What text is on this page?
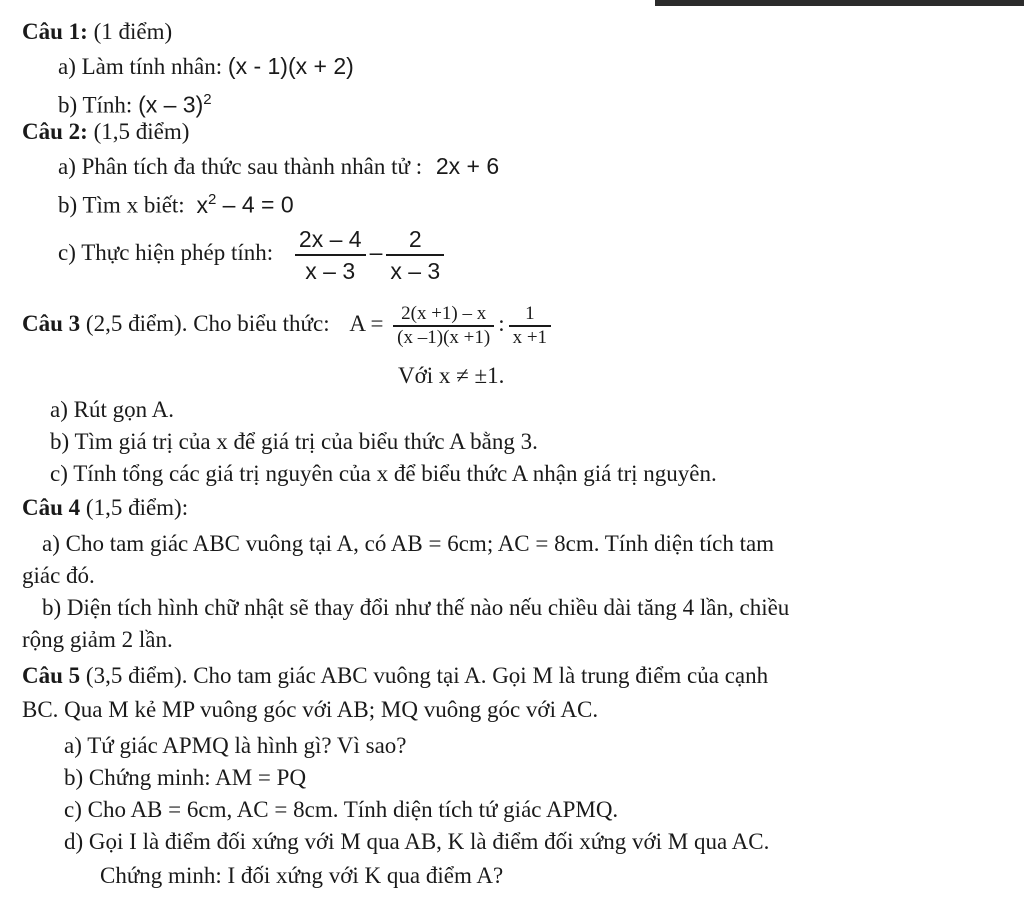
Câu 1: (1 điểm)
a) Làm tính nhân: (x - 1)(x + 2)
b) Tính: (x – 3)$^2$
Câu 2: (1,5 điểm)
a) Phân tích đa thức sau thành nhân tử : 2x + 6
b) Tìm x biết: $x^2 - 4 = 0$
c) Thực hiện phép tính: $\frac{2x - 4}{x - 3} - \frac{2}{x - 3}$
Câu 3 (2,5 điểm). Cho biểu thức: $A = \frac{2(x +1) - x}{(x -1)(x +1)}$ : $\frac{1}{x +1}$
Với x ≠ ±1.
a) Rút gọn A.
b) Tìm giá trị của x để giá trị của biểu thức A bằng 3.
c) Tính tổng các giá trị nguyên của x để biểu thức A nhận giá trị nguyên.
Câu 4 (1,5 điểm):
a) Cho tam giác ABC vuông tại A, có AB = 6cm; AC = 8cm. Tính diện tích tam
giác đó.
b) Diện tích hình chữ nhật sẽ thay đổi như thế nào nếu chiều dài tăng 4 lần, chiều
rộng giảm 2 lần.
Câu 5 (3,5 điểm). Cho tam giác ABC vuông tại A. Gọi M là trung điểm của cạnh
BC. Qua M kẻ MP vuông góc với AB; MQ vuông góc với AC.
a) Tứ giác APMQ là hình gì? Vì sao?
b) Chứng minh: AM = PQ
c) Cho AB = 6cm, AC = 8cm. Tính diện tích tứ giác APMQ.
d) Gọi I là điểm đối xứng với M qua AB, K là điểm đối xứng với M qua AC.
Chứng minh: I đối xứng với K qua điểm A?
